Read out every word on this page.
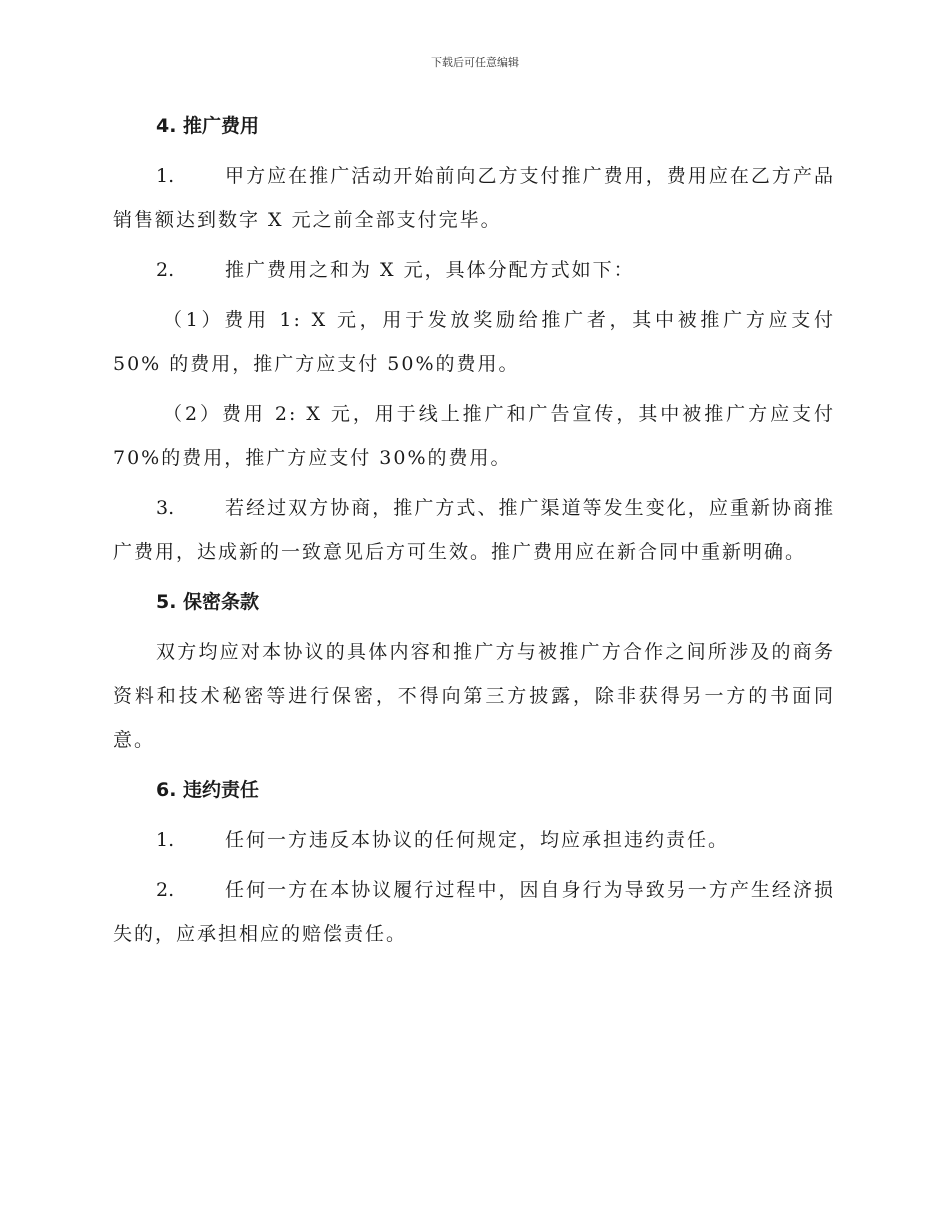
下载后可任意编辑
4. 推广费用
1.	甲方应在推广活动开始前向乙方支付推广费用，费用应在乙方产品销售额达到数字 X 元之前全部支付完毕。
2.	推广费用之和为 X 元，具体分配方式如下：
（1）费用 1: X 元，用于发放奖励给推广者，其中被推广方应支付 50% 的费用，推广方应支付 50%的费用。
（2）费用 2: X 元，用于线上推广和广告宣传，其中被推广方应支付 70%的费用，推广方应支付 30%的费用。
3.	若经过双方协商，推广方式、推广渠道等发生变化，应重新协商推广费用，达成新的一致意见后方可生效。推广费用应在新合同中重新明确。
5. 保密条款
双方均应对本协议的具体内容和推广方与被推广方合作之间所涉及的商务资料和技术秘密等进行保密，不得向第三方披露，除非获得另一方的书面同意。
6. 违约责任
1.	任何一方违反本协议的任何规定，均应承担违约责任。
2.	任何一方在本协议履行过程中，因自身行为导致另一方产生经济损失的，应承担相应的赔偿责任。
